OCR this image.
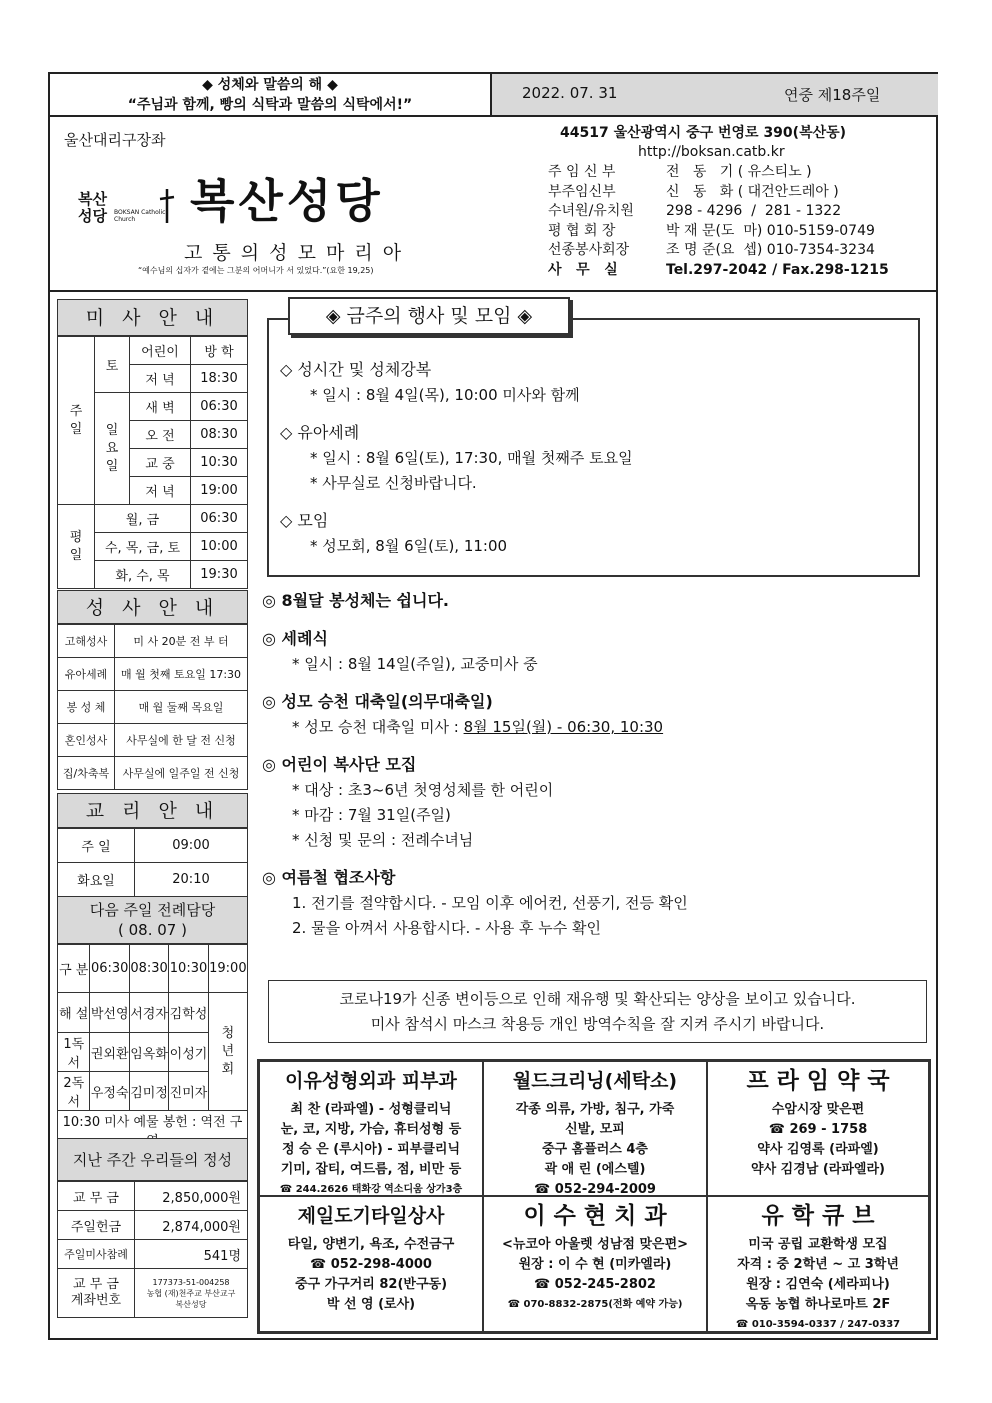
◆ 성체와 말씀의 해 ◆
“주님과 함께, 빵의 식탁과 말씀의 식탁에서!”
2022. 07. 31	연중 제18주일
울산대리구장좌
복산
성당 BOKSAN Catholic Church	복산성당
고 통 의 성 모 마 리 아
“예수님의 십자가 곁에는 그분의 어머니가 서 있었다.”(요한 19,25)
44517 울산광역시 중구 번영로 390(복산동)
http://boksan.catb.kr
주 임 신 부	전   동   기 ( 유스티노 )
부주임신부	신   동   화 ( 대건안드레아 )
수녀원/유치원 298 - 4296  /  281 - 1322
평 협 회 장	박 재 문(도  마) 010-5159-0749
선종봉사회장	조 명 준(요  셉) 010-7354-3234
사   무   실	Tel.297-2042 / Fax.298-1215
미 사 안 내
주
일	토	어린이	방 학
		저 녁	18:30
	일
요
일	새 벽	06:30
		오 전	08:30
		교 중	10:30
		저 녁	19:00
평
일	월, 금		06:30
	수, 목, 금, 토		10:00
	화, 수, 목		19:30
성 사 안 내
고해성사	미 사 20분 전 부 터
유아세례	매 월 첫째 토요일 17:30
봉 성 체	매 월 둘째 목요일
혼인성사	사무실에 한 달 전 신청
집/차축복	사무실에 일주일 전 신청
교 리 안 내
주 일	09:00
화요일	20:10
다음 주일 전례담당
( 08. 07 )
구 분	06:30	08:30	10:30	19:00
해 설	박선영	서경자	김학성	청
년
회
1독서	권외환	임옥화	이성기	
2독서	우정숙	김미정	진미자	
10:30 미사 예물 봉헌 : 역전 구				
지난 주간 우리들의 정성
교 무 금	2,850,000원
주일헌금	2,874,000원
주일미사참례	541명
교 무 금
계좌번호	177373-51-004258
농협 (재)천주교 부산교구
복산성당
◈ 금주의 행사 및 모임 ◈
◇ 성시간 및 성체강복
* 일시 : 8월 4일(목), 10:00 미사와 함께
◇ 유아세례
* 일시 : 8월 6일(토), 17:30, 매월 첫째주 토요일
* 사무실로 신청바랍니다.
◇ 모임
* 성모회, 8월 6일(토), 11:00
◎ 8월달 봉성체는 쉽니다.
◎ 세례식
* 일시 : 8월 14일(주일), 교중미사 중
◎ 성모 승천 대축일(의무대축일)
* 성모 승천 대축일 미사 : 8월 15일(월) - 06:30, 10:30
◎ 어린이 복사단 모집
* 대상 : 초3~6년 첫영성체를 한 어린이
* 마감 : 7월 31일(주일)
* 신청 및 문의 : 전례수녀님
◎ 여름철 협조사항
1. 전기를 절약합시다. - 모임 이후 에어컨, 선풍기, 전등 확인
2. 물을 아껴서 사용합시다. - 사용 후 누수 확인
코로나19가 신종 변이등으로 인해 재유행 및 확산되는 양상을 보이고 있습니다.
미사 참석시 마스크 착용등 개인 방역수칙을 잘 지켜 주시기 바랍니다.
이유성형외과 피부과
최 찬 (라파엘) - 성형클리닉
눈, 코, 지방, 가슴, 휴터성형 등
정 승 은 (루시아) - 피부클리닉
기미, 잡티, 여드름, 점, 비만 등
☎ 244.2626 태화강 역소디움 상가3층
월드크리닝(세탁소)
각종 의류, 가방, 침구, 가죽
신발, 모피
중구 홈플러스 4층
곽 애 린 (에스텔)
☎ 052-294-2009
프 라 임 약 국
수암시장 맞은편
☎ 269 - 1758
약사 김영록 (라파엘)
약사 김경남 (라파엘라)
제일도기타일상사
타일, 양변기, 욕조, 수전금구
☎ 052-298-4000
중구 가구거리 82(반구동)
박 선 영 (로사)
이 수 현 치 과
<뉴코아 아울렛 성남점 맞은편>
원장 : 이 수 현 (미카엘라)
☎ 052-245-2802
☎ 070-8832-2875(전화 예약 가능)
유 학 큐 브
미국 공립 교환학생 모집
자격 : 중 2학년 ~ 고 3학년
원장 : 김연숙 (세라피나)
옥동 농협 하나로마트 2F
☎ 010-3594-0337 / 247-0337
